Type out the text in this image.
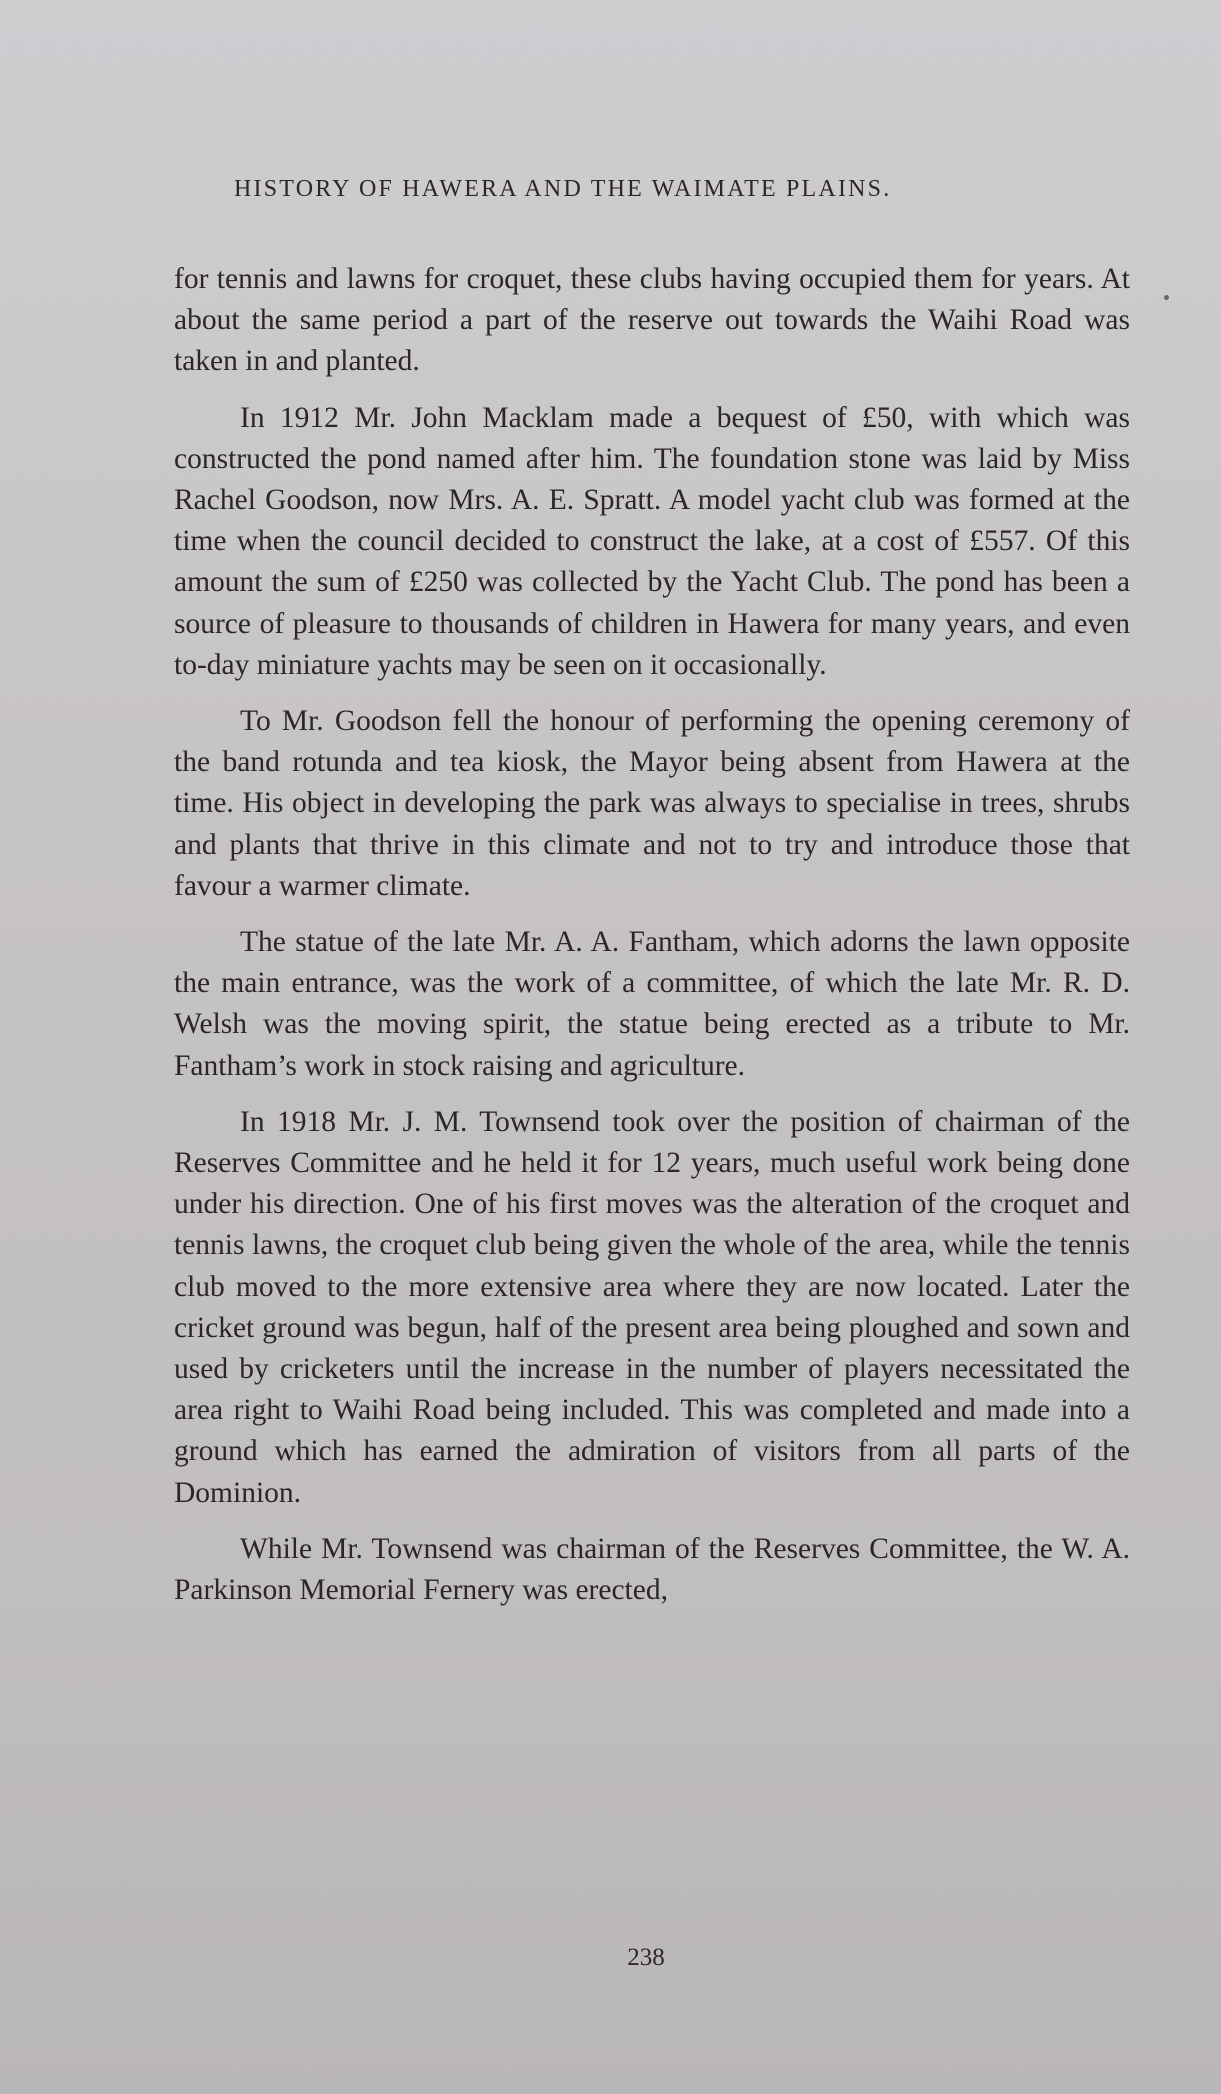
HISTORY OF HAWERA AND THE WAIMATE PLAINS.

for tennis and lawns for croquet, these clubs having occupied them for years. At about the same period a part of the reserve out towards the Waihi Road was taken in and planted.

In 1912 Mr. John Macklam made a bequest of £50, with which was constructed the pond named after him. The foundation stone was laid by Miss Rachel Goodson, now Mrs. A. E. Spratt. A model yacht club was formed at the time when the council decided to construct the lake, at a cost of £557. Of this amount the sum of £250 was collected by the Yacht Club. The pond has been a source of pleasure to thousands of children in Hawera for many years, and even to-day miniature yachts may be seen on it occasionally.

To Mr. Goodson fell the honour of performing the opening ceremony of the band rotunda and tea kiosk, the Mayor being absent from Hawera at the time. His object in developing the park was always to specialise in trees, shrubs and plants that thrive in this climate and not to try and introduce those that favour a warmer climate.

The statue of the late Mr. A. A. Fantham, which adorns the lawn opposite the main entrance, was the work of a committee, of which the late Mr. R. D. Welsh was the moving spirit, the statue being erected as a tribute to Mr. Fantham’s work in stock raising and agriculture.

In 1918 Mr. J. M. Townsend took over the position of chairman of the Reserves Committee and he held it for 12 years, much useful work being done under his direction. One of his first moves was the alteration of the croquet and tennis lawns, the croquet club being given the whole of the area, while the tennis club moved to the more extensive area where they are now located. Later the cricket ground was begun, half of the present area being ploughed and sown and used by cricketers until the increase in the number of players necessitated the area right to Waihi Road being included. This was completed and made into a ground which has earned the admiration of visitors from all parts of the Dominion.

While Mr. Townsend was chairman of the Reserves Committee, the W. A. Parkinson Memorial Fernery was erected,

238
